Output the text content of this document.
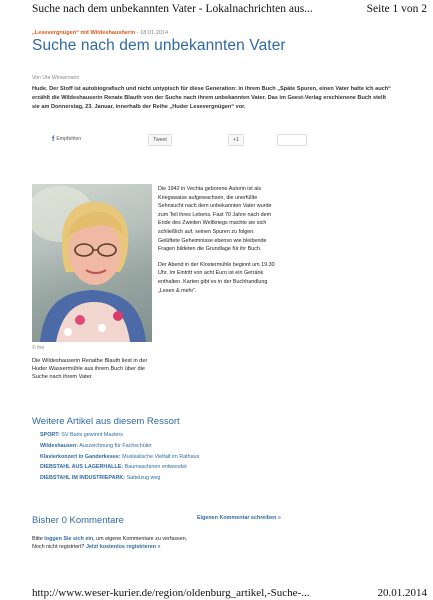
Suche nach dem unbekannten Vater - Lokalnachrichten aus...	Seite 1 von 2
„Lesevergnügen“ mit Wildeshausherin - 18.01.2014
Suche nach dem unbekannten Vater
Von Ute Winsemann
Hude. Der Stoff ist autobiografisch und nicht untypisch für diese Generation: in ihrem Buch „Späte Spuren, einen Vater hatte ich auch“ erzählt die Wildeshauserin Renate Blauth von der Suche nach ihrem unbekannten Vater. Das im Geest-Verlag erschienene Buch stellt sie am Donnerstag, 23. Januar, innerhalb der Reihe „Huder Lesevergnügen“ vor.
f Empfehlen	Tweet	+1
© frei
Die Wildeshauserin Renathe Blauth liest in der Huder Wassermühle aus ihrem Buch über die Suche nach ihrem Vater.

Die 1942 in Vechta geborene Autorin ist als Kriegswaise aufgewachsen, die unerfüllte Sehnsucht nach dem unbekannten Vater wurde zum Teil ihres Lebens. Fast 70 Jahre nach dem Ende des Zweiten Weltkriegs machte sie sich schließlich auf, seinen Spuren zu folgen. Gelüftete Geheimnisse ebenso wie bleibende Fragen bildeten die Grundlage für ihr Buch.

Der Abend in der Klostermühle beginnt um 19.30 Uhr. Im Eintritt von acht Euro ist ein Getränk enthalten. Karten gibt es in der Buchhandlung „Lesen & mehr“.

Weitere Artikel aus diesem Ressort
SPORT: SV Baris gewinnt Masters
Wildeshausen: Auszeichnung für Fachschüler
Klavierkonzert in Ganderkesee: Musikalische Vielfalt im Rathaus
DIEBSTAHL AUS LAGERHALLE: Baumaschinen entwendet
DIEBSTAHL IM INDUSTRIEPARK: Sattelzug weg
Bisher 0 Kommentare	Eigenen Kommentar schreiben »
Bitte loggen Sie sich ein, um eigene Kommentare zu verfassen.
Noch nicht registriert? Jetzt kostenlos registrieren »
http://www.weser-kurier.de/region/oldenburg_artikel,-Suche-...	20.01.2014
